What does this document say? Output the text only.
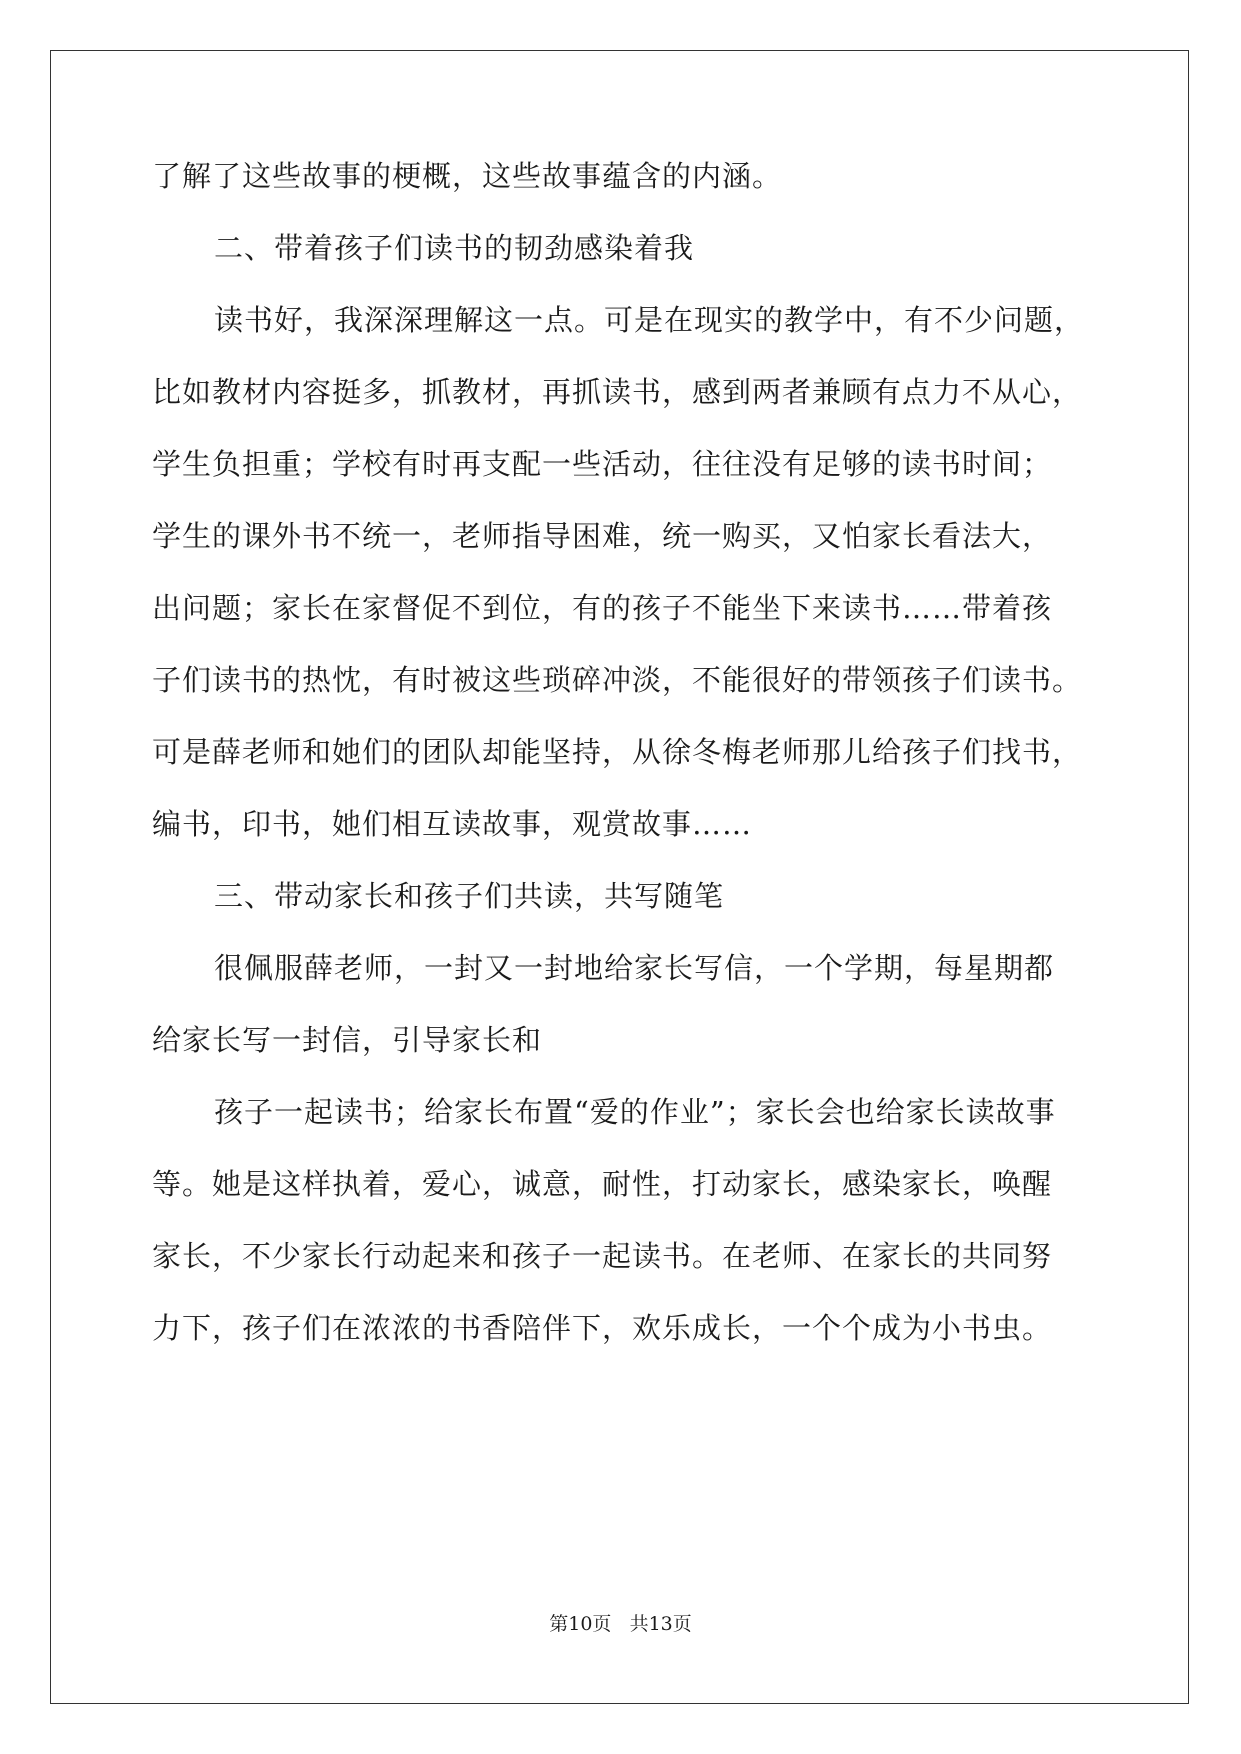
了解了这些故事的梗概，这些故事蕴含的内涵。
二、带着孩子们读书的韧劲感染着我
读书好，我深深理解这一点。可是在现实的教学中，有不少问题，
比如教材内容挺多，抓教材，再抓读书，感到两者兼顾有点力不从心，
学生负担重；学校有时再支配一些活动，往往没有足够的读书时间；
学生的课外书不统一，老师指导困难，统一购买，又怕家长看法大，
出问题；家长在家督促不到位，有的孩子不能坐下来读书……带着孩
子们读书的热忱，有时被这些琐碎冲淡，不能很好的带领孩子们读书。
可是薛老师和她们的团队却能坚持，从徐冬梅老师那儿给孩子们找书，
编书，印书，她们相互读故事，观赏故事……
三、带动家长和孩子们共读，共写随笔
很佩服薛老师，一封又一封地给家长写信，一个学期，每星期都
给家长写一封信，引导家长和
孩子一起读书；给家长布置“爱的作业”；家长会也给家长读故事
等。她是这样执着，爱心，诚意，耐性，打动家长，感染家长，唤醒
家长，不少家长行动起来和孩子一起读书。在老师、在家长的共同努
力下，孩子们在浓浓的书香陪伴下，欢乐成长，一个个成为小书虫。
第10页 共13页
